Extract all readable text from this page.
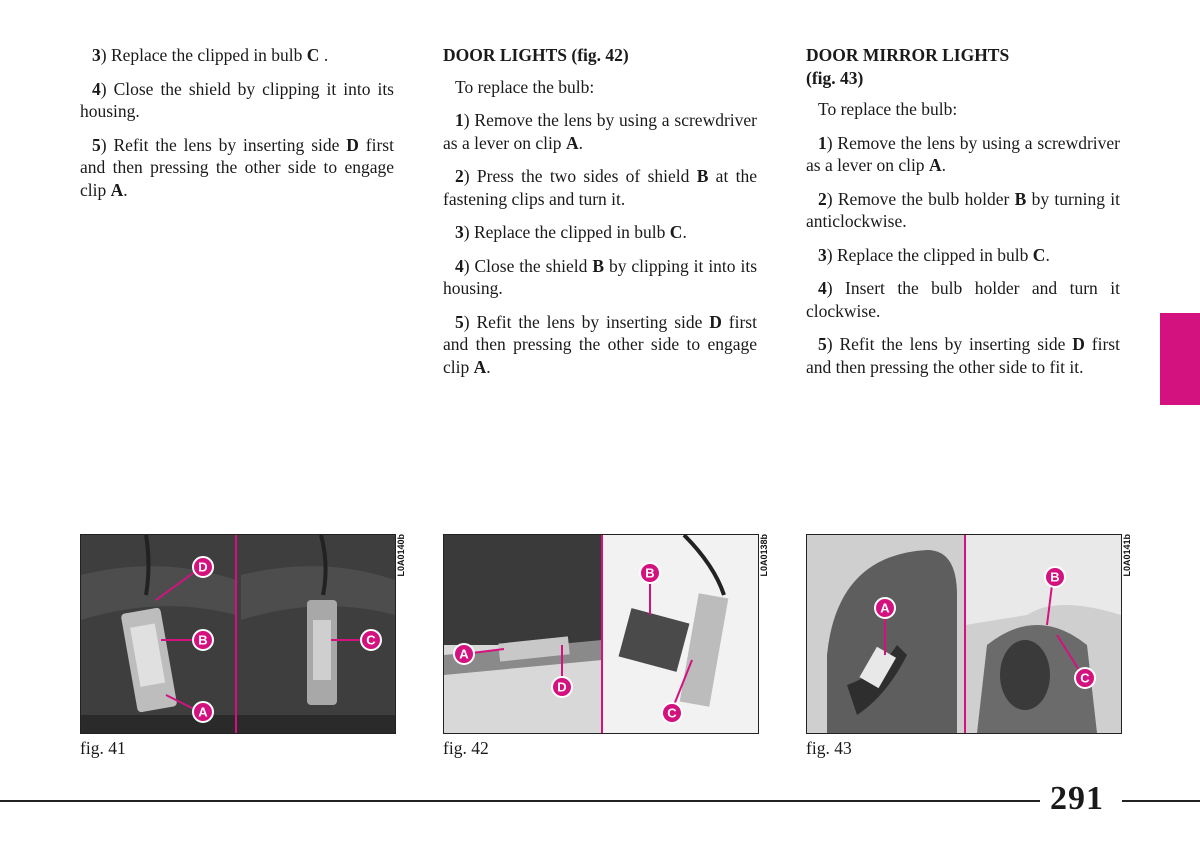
3) Replace the clipped in bulb C .

4) Close the shield by clipping it into its housing.

5) Refit the lens by inserting side D first and then pressing the other side to engage clip A.

DOOR LIGHTS (fig. 42)

To replace the bulb:

1) Remove the lens by using a screwdriver as a lever on clip A.

2) Press the two sides of shield B at the fastening clips and turn it.

3) Replace the clipped in bulb C.

4) Close the shield B by clipping it into its housing.

5) Refit the lens by inserting side D first and then pressing the other side to engage clip A.

DOOR MIRROR LIGHTS
(fig. 43)

To replace the bulb:

1) Remove the lens by using a screwdriver as a lever on clip A.

2) Remove the bulb holder B by turning it anticlockwise.

3) Replace the clipped in bulb C.

4) Insert the bulb holder and turn it clockwise.

5) Refit the lens by inserting side D first and then pressing the other side to fit it.

D
B
A
C
B
A
D
C
A
B
C
L0A0140b	L0A0138b	L0A0141b
fig. 41	fig. 42	fig. 43
291
